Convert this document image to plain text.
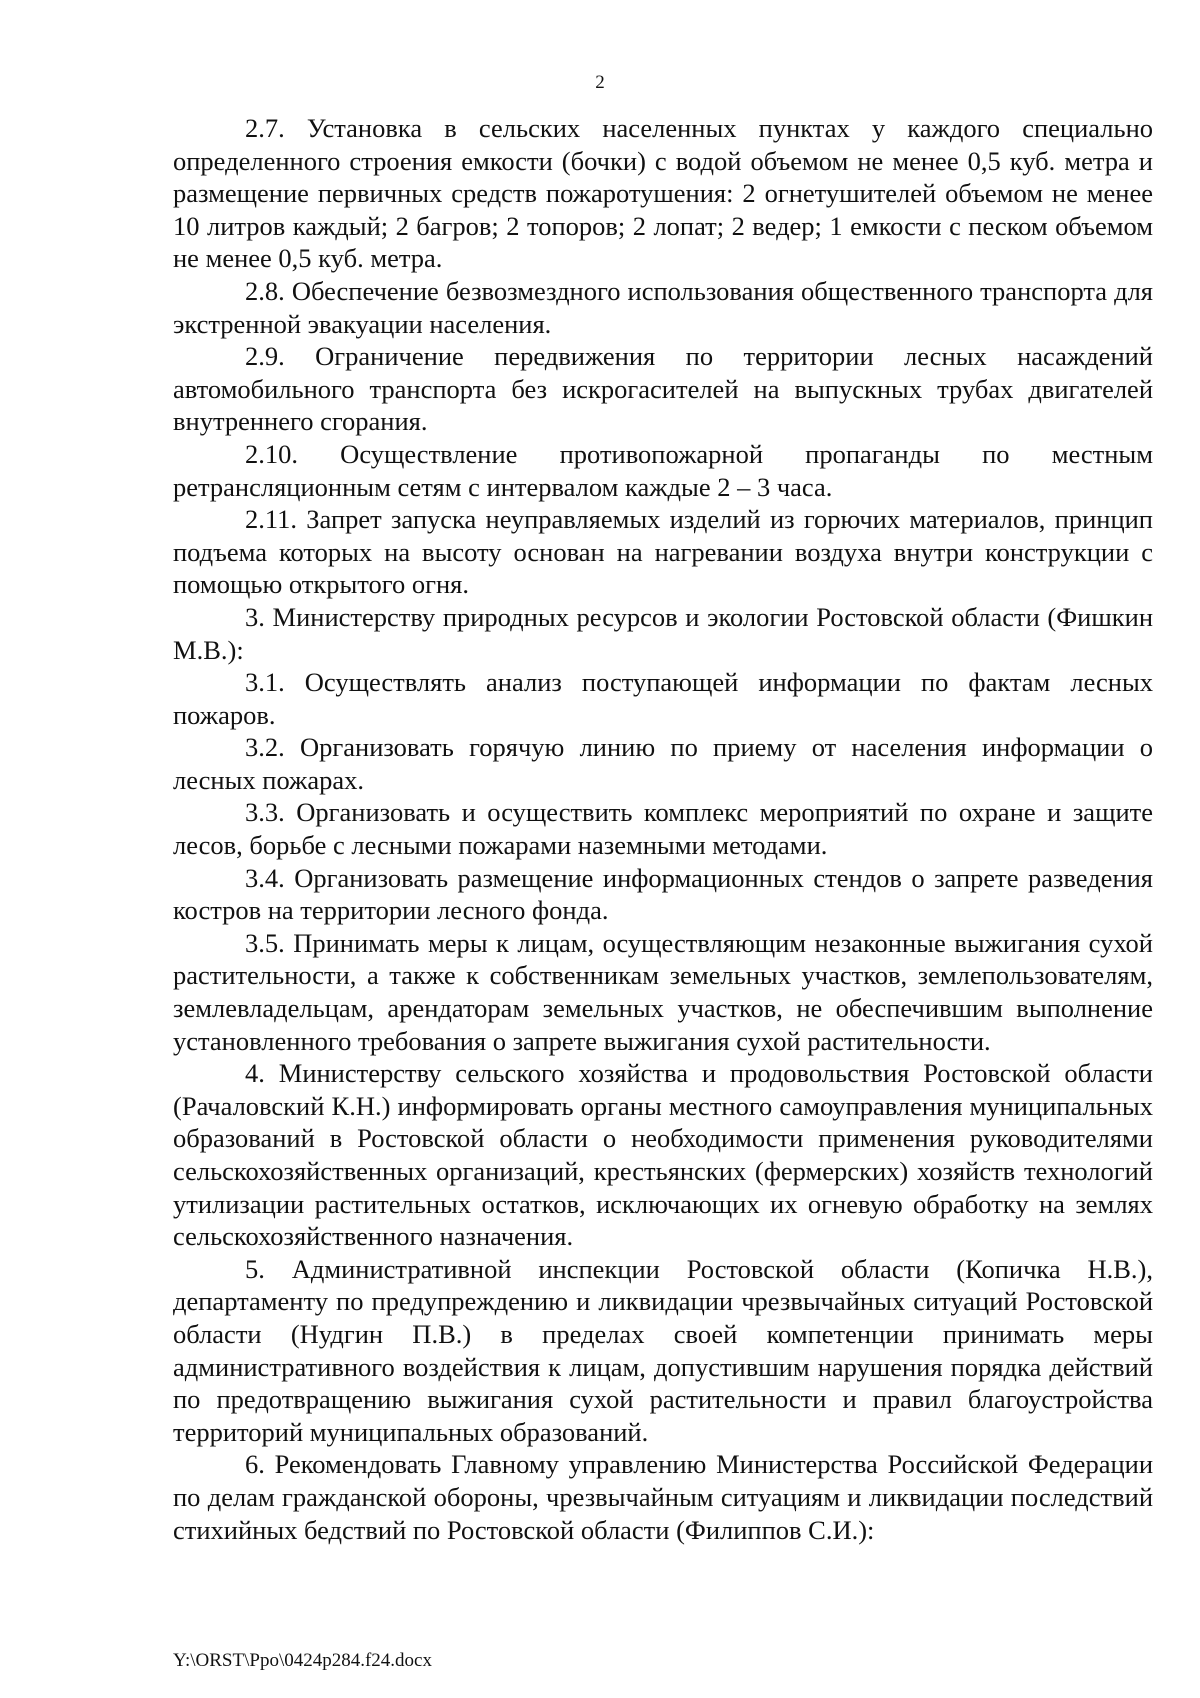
2

2.7. Установка в сельских населенных пунктах у каждого специально определенного строения емкости (бочки) с водой объемом не менее 0,5 куб. метра и размещение первичных средств пожаротушения: 2 огнетушителей объемом не менее 10 литров каждый; 2 багров; 2 топоров; 2 лопат; 2 ведер; 1 емкости с песком объемом не менее 0,5 куб. метра.

2.8. Обеспечение безвозмездного использования общественного транспорта для экстренной эвакуации населения.

2.9. Ограничение передвижения по территории лесных насаждений автомобильного транспорта без искрогасителей на выпускных трубах двигателей внутреннего сгорания.

2.10. Осуществление противопожарной пропаганды по местным ретрансляционным сетям с интервалом каждые 2 – 3 часа.

2.11. Запрет запуска неуправляемых изделий из горючих материалов, принцип подъема которых на высоту основан на нагревании воздуха внутри конструкции с помощью открытого огня.

3. Министерству природных ресурсов и экологии Ростовской области (Фишкин М.В.):

3.1. Осуществлять анализ поступающей информации по фактам лесных пожаров.

3.2. Организовать горячую линию по приему от населения информации о лесных пожарах.

3.3. Организовать и осуществить комплекс мероприятий по охране и защите лесов, борьбе с лесными пожарами наземными методами.

3.4. Организовать размещение информационных стендов о запрете разведения костров на территории лесного фонда.

3.5. Принимать меры к лицам, осуществляющим незаконные выжигания сухой растительности, а также к собственникам земельных участков, землепользователям, землевладельцам, арендаторам земельных участков, не обеспечившим выполнение установленного требования о запрете выжигания сухой растительности.

4. Министерству сельского хозяйства и продовольствия Ростовской области (Рачаловский К.Н.) информировать органы местного самоуправления муниципальных образований в Ростовской области о необходимости применения руководителями сельскохозяйственных организаций, крестьянских (фермерских) хозяйств технологий утилизации растительных остатков, исключающих их огневую обработку на землях сельскохозяйственного назначения.

5. Административной инспекции Ростовской области (Копичка Н.В.), департаменту по предупреждению и ликвидации чрезвычайных ситуаций Ростовской области (Нудгин П.В.) в пределах своей компетенции принимать меры административного воздействия к лицам, допустившим нарушения порядка действий по предотвращению выжигания сухой растительности и правил благоустройства территорий муниципальных образований.

6. Рекомендовать Главному управлению Министерства Российской Федерации по делам гражданской обороны, чрезвычайным ситуациям и ликвидации последствий стихийных бедствий по Ростовской области (Филиппов С.И.):

Y:\ORST\Ppo\0424p284.f24.docx
